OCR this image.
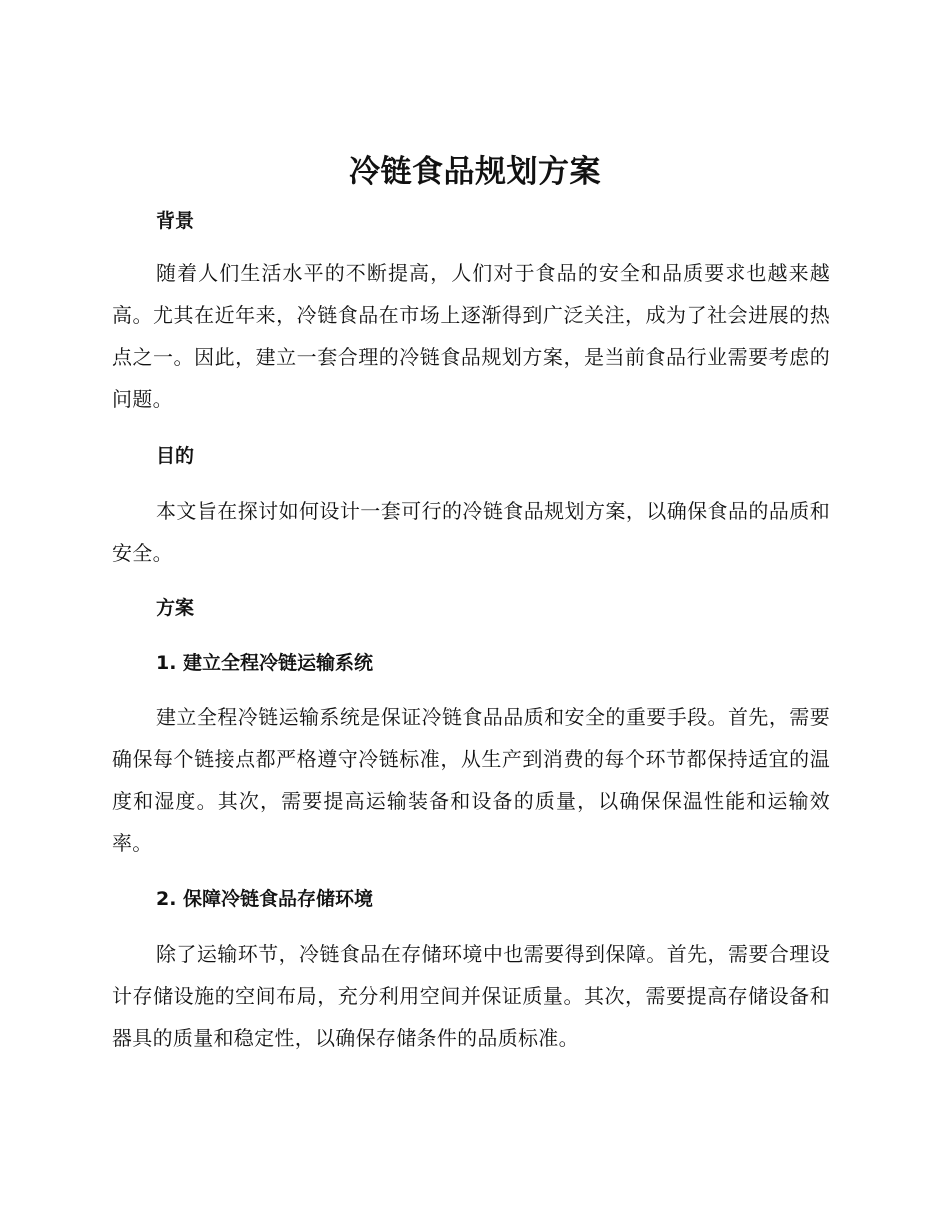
冷链食品规划方案
背景

随着人们生活水平的不断提高，人们对于食品的安全和品质要求也越来越高。尤其在近年来，冷链食品在市场上逐渐得到广泛关注，成为了社会进展的热点之一。因此，建立一套合理的冷链食品规划方案，是当前食品行业需要考虑的问题。

目的

本文旨在探讨如何设计一套可行的冷链食品规划方案，以确保食品的品质和安全。

方案
1. 建立全程冷链运输系统

建立全程冷链运输系统是保证冷链食品品质和安全的重要手段。首先，需要确保每个链接点都严格遵守冷链标准，从生产到消费的每个环节都保持适宜的温度和湿度。其次，需要提高运输装备和设备的质量，以确保保温性能和运输效率。

2. 保障冷链食品存储环境

除了运输环节，冷链食品在存储环境中也需要得到保障。首先，需要合理设计存储设施的空间布局，充分利用空间并保证质量。其次，需要提高存储设备和器具的质量和稳定性，以确保存储条件的品质标准。
